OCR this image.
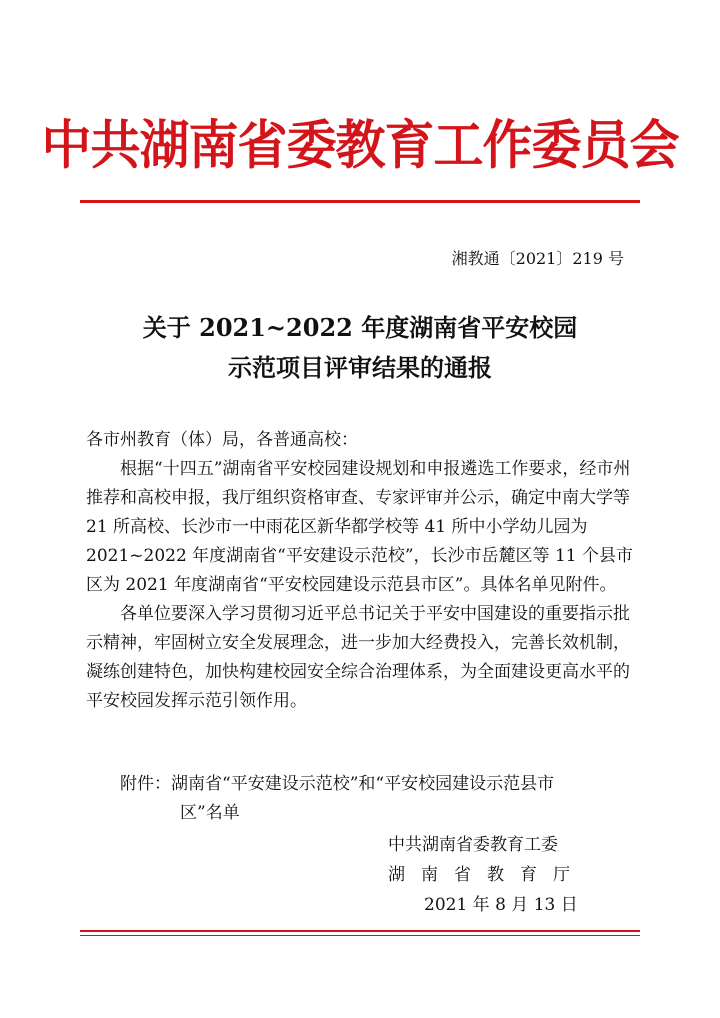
中共湖南省委教育工作委员会
湘教通〔2021〕219 号
关于 2021~2022 年度湖南省平安校园
示范项目评审结果的通报

各市州教育（体）局，各普通高校：

根据“十四五”湖南省平安校园建设规划和申报遴选工作要求，经市州推荐和高校申报，我厅组织资格审查、专家评审并公示，确定中南大学等 21 所高校、长沙市一中雨花区新华都学校等 41 所中小学幼儿园为 2021~2022 年度湖南省“平安建设示范校”，长沙市岳麓区等 11 个县市区为 2021 年度湖南省“平安校园建设示范县市区”。具体名单见附件。

各单位要深入学习贯彻习近平总书记关于平安中国建设的重要指示批示精神，牢固树立安全发展理念，进一步加大经费投入，完善长效机制，凝练创建特色，加快构建校园安全综合治理体系，为全面建设更高水平的平安校园发挥示范引领作用。

附件：湖南省“平安建设示范校”和“平安校园建设示范县市
区”名单
中共湖南省委教育工委
湖南省教育厅
2021 年 8 月 13 日
